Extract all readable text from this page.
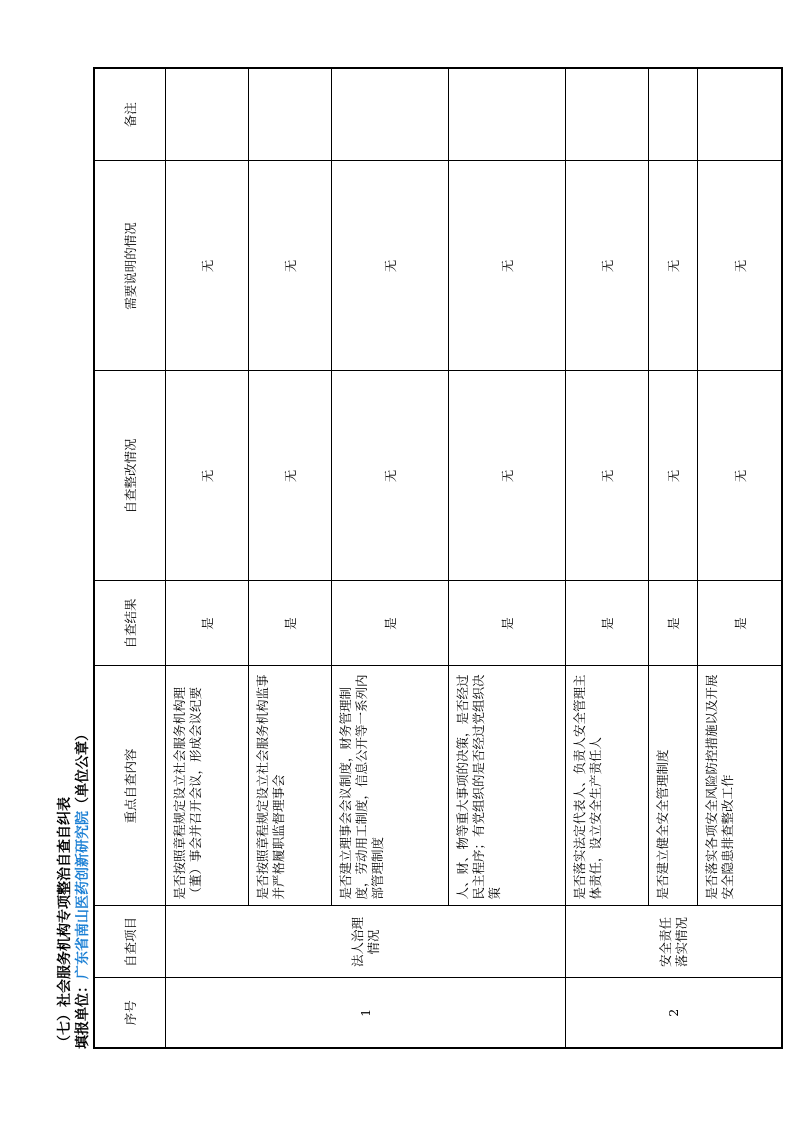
（七）社会服务机构专项整治自查自纠表 填报单位：广东省南山医药创新研究院（单位公章）
序号	自查项目	重点自查内容	自查结果	自查整改情况	需要说明的情况	备注
1	法人治理情况	是否按照章程规定设立社会服务机构理（董）事会并召开会议，形成会议纪要	是	无	无	
		是否按照章程规定设立社会服务机构监事并严格履职监督理事会	是	无	无	
		是否建立理事会会议制度，财务管理制度，劳动用工制度，信息公开等一系列内部管理制度	是	无	无	
		人、财、物等重大事项的决策，是否经过民主程序；有党组织的是否经过党组织决策	是	无	无	
2	安全责任落实情况	是否落实法定代表人、负责人安全管理主体责任，设立安全生产责任人	是	无	无	
		是否建立健全安全管理制度	是	无	无	
		是否落实各项安全风险防控措施以及开展安全隐患排查整改工作	是	无	无	
